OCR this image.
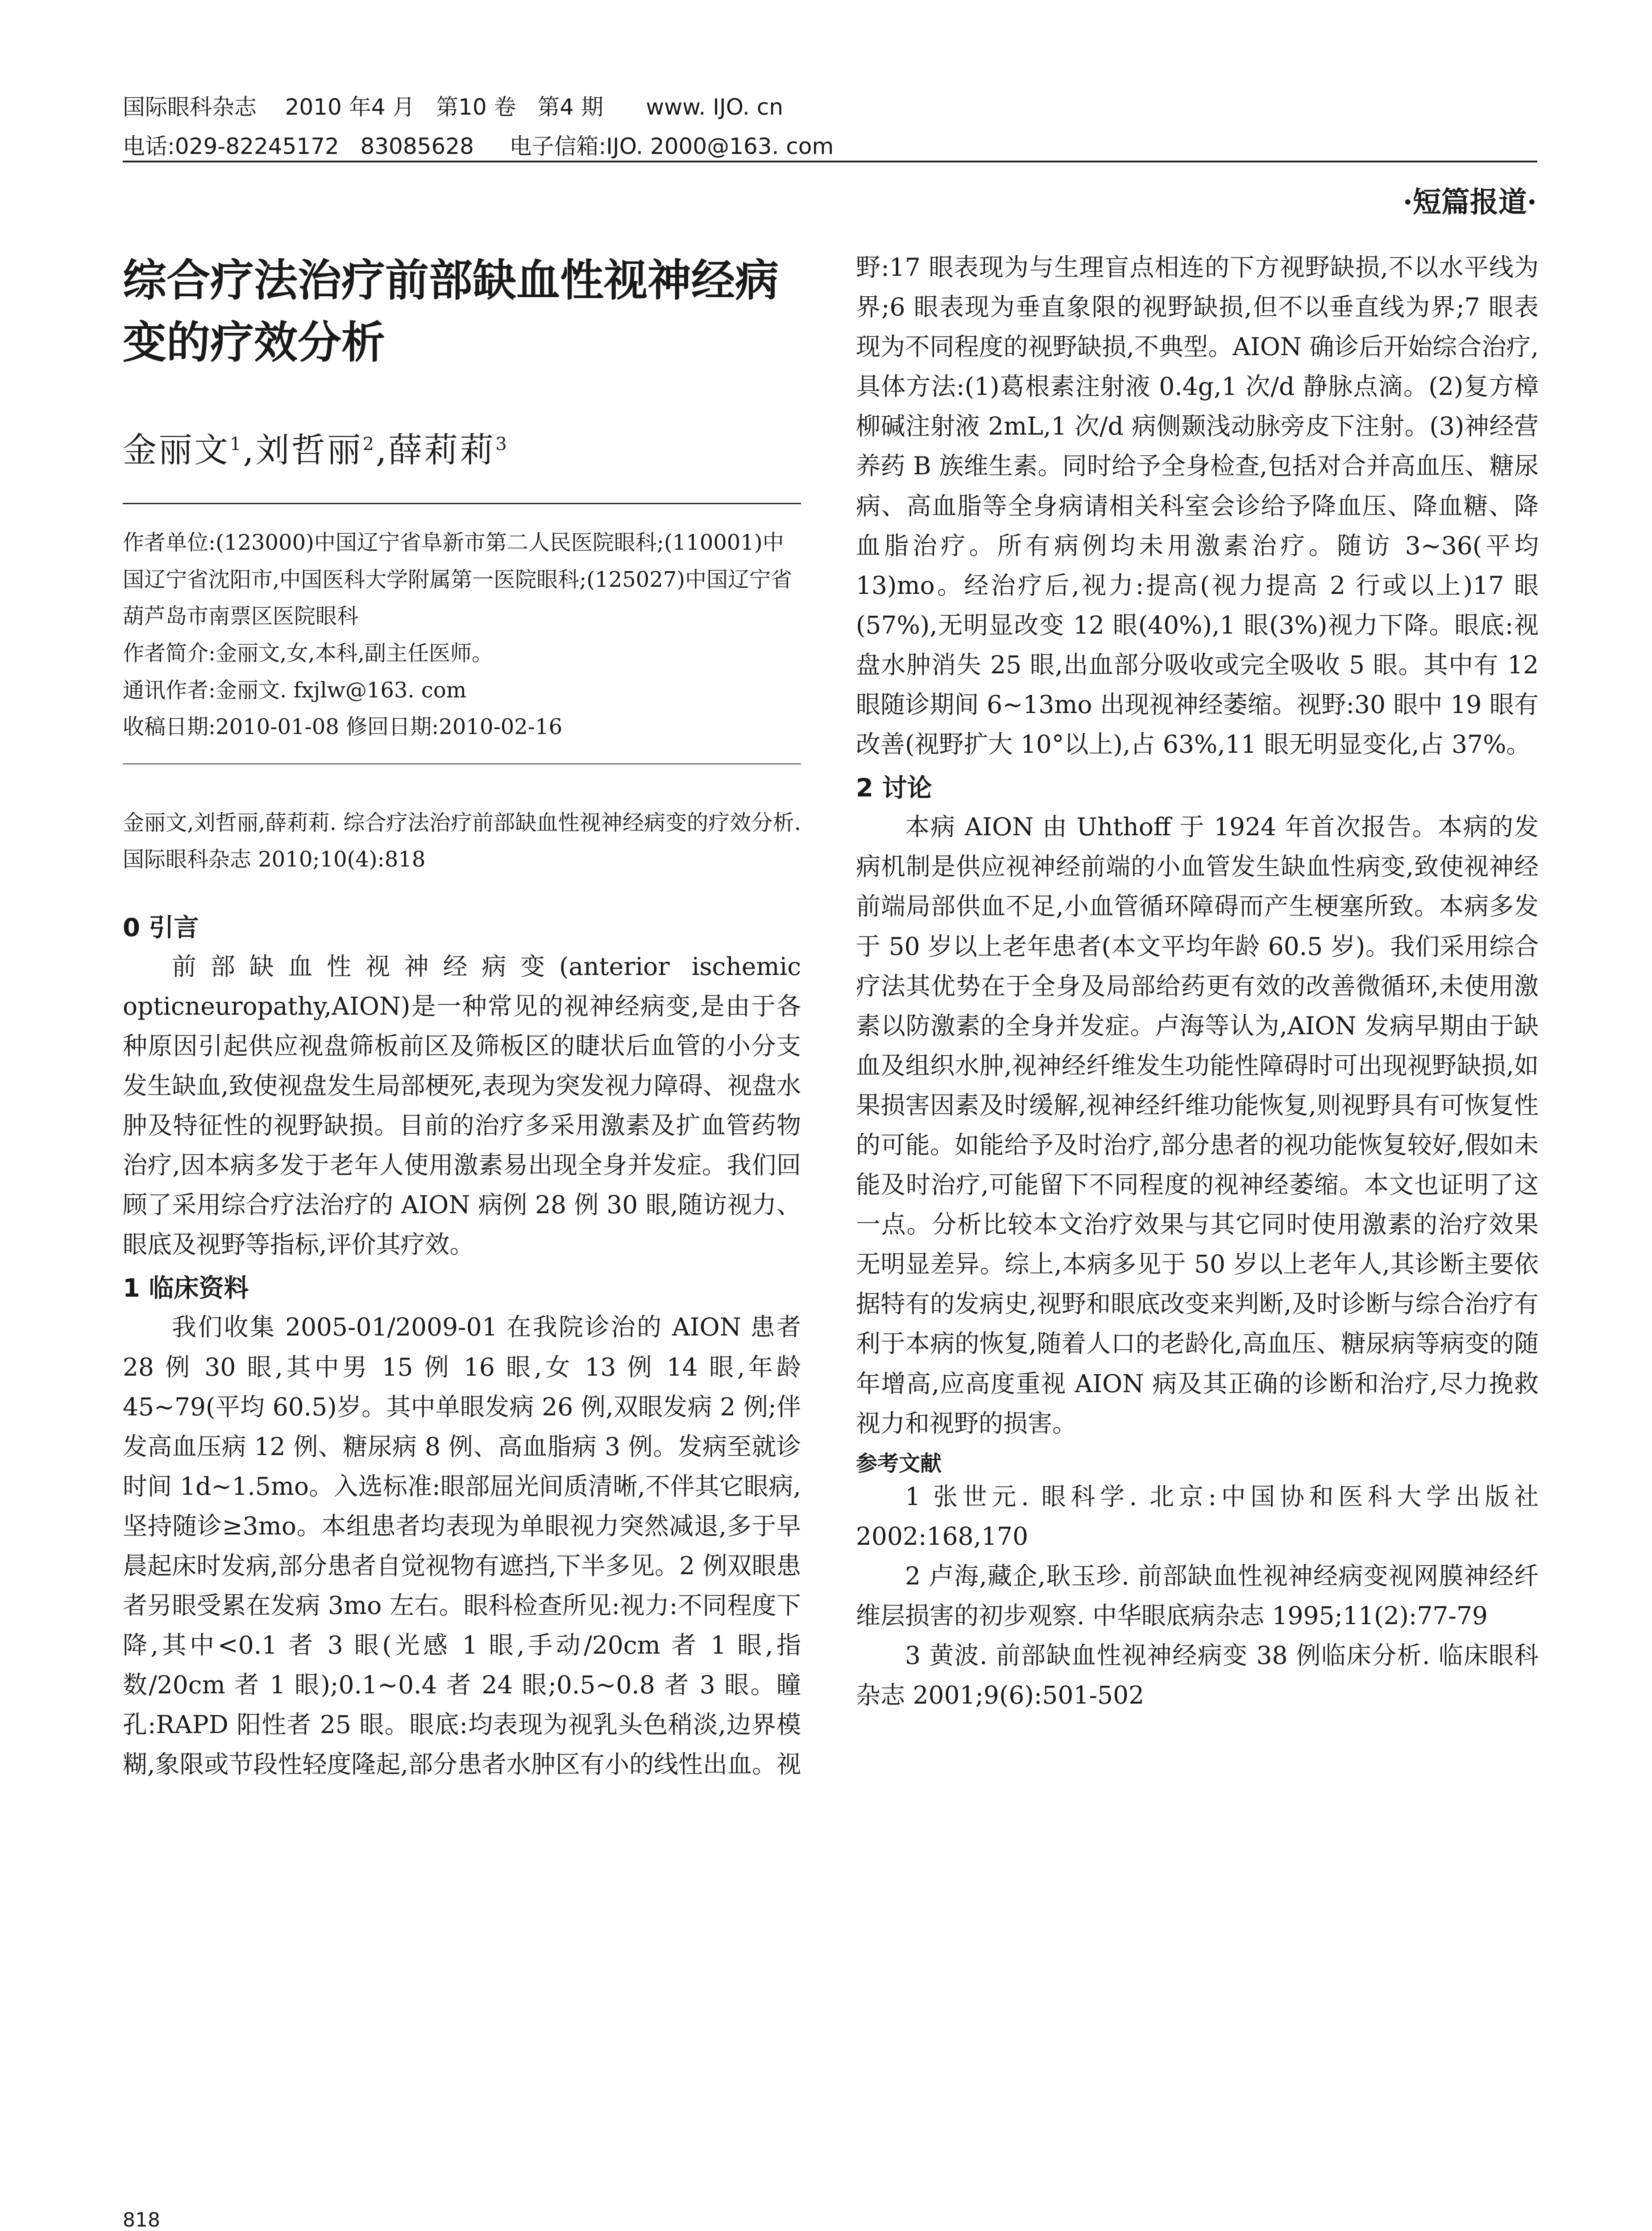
国际眼科杂志    2010 年4 月   第10 卷   第4 期      www. IJO. cn
电话:029-82245172   83085628     电子信箱:IJO. 2000@163. com
·短篇报道·
综合疗法治疗前部缺血性视神经病变的疗效分析
金丽文$^1$,刘哲丽$^2$,薛莉莉$^3$

作者单位:(123000)中国辽宁省阜新市第二人民医院眼科;(110001)中国辽宁省沈阳市,中国医科大学附属第一医院眼科;(125027)中国辽宁省葫芦岛市南票区医院眼科

作者简介:金丽文,女,本科,副主任医师。

通讯作者:金丽文. fxjlw@163. com

收稿日期:2010-01-08 修回日期:2010-02-16

金丽文,刘哲丽,薛莉莉. 综合疗法治疗前部缺血性视神经病变的疗效分析. 国际眼科杂志 2010;10(4):818
0 引言

前部缺血性视神经病变(anterior ischemic opticneuropathy,AION)是一种常见的视神经病变,是由于各种原因引起供应视盘筛板前区及筛板区的睫状后血管的小分支发生缺血,致使视盘发生局部梗死,表现为突发视力障碍、视盘水肿及特征性的视野缺损。目前的治疗多采用激素及扩血管药物治疗,因本病多发于老年人使用激素易出现全身并发症。我们回顾了采用综合疗法治疗的 AION 病例 28 例 30 眼,随访视力、眼底及视野等指标,评价其疗效。

1 临床资料

我们收集 2005-01/2009-01 在我院诊治的 AION 患者 28 例 30 眼,其中男 15 例 16 眼,女 13 例 14 眼,年龄 45~79(平均 60.5)岁。其中单眼发病 26 例,双眼发病 2 例;伴发高血压病 12 例、糖尿病 8 例、高血脂病 3 例。发病至就诊时间 1d~1.5mo。入选标准:眼部屈光间质清晰,不伴其它眼病,坚持随诊≥3mo。本组患者均表现为单眼视力突然减退,多于早晨起床时发病,部分患者自觉视物有遮挡,下半多见。2 例双眼患者另眼受累在发病 3mo 左右。眼科检查所见:视力:不同程度下降,其中<0.1 者 3 眼(光感 1 眼,手动/20cm 者 1 眼,指数/20cm 者 1 眼);0.1~0.4 者 24 眼;0.5~0.8 者 3 眼。瞳孔:RAPD 阳性者 25 眼。眼底:均表现为视乳头色稍淡,边界模糊,象限或节段性轻度隆起,部分患者水肿区有小的线性出血。视

野:17 眼表现为与生理盲点相连的下方视野缺损,不以水平线为界;6 眼表现为垂直象限的视野缺损,但不以垂直线为界;7 眼表现为不同程度的视野缺损,不典型。AION 确诊后开始综合治疗,具体方法:(1)葛根素注射液 0.4g,1 次/d 静脉点滴。(2)复方樟柳碱注射液 2mL,1 次/d 病侧颞浅动脉旁皮下注射。(3)神经营养药 B 族维生素。同时给予全身检查,包括对合并高血压、糖尿病、高血脂等全身病请相关科室会诊给予降血压、降血糖、降血脂治疗。所有病例均未用激素治疗。随访 3~36(平均 13)mo。经治疗后,视力:提高(视力提高 2 行或以上)17 眼(57%),无明显改变 12 眼(40%),1 眼(3%)视力下降。眼底:视盘水肿消失 25 眼,出血部分吸收或完全吸收 5 眼。其中有 12 眼随诊期间 6~13mo 出现视神经萎缩。视野:30 眼中 19 眼有改善(视野扩大 10°以上),占 63%,11 眼无明显变化,占 37%。

2 讨论

本病 AION 由 Uhthoff 于 1924 年首次报告。本病的发病机制是供应视神经前端的小血管发生缺血性病变,致使视神经前端局部供血不足,小血管循环障碍而产生梗塞所致。本病多发于 50 岁以上老年患者(本文平均年龄 60.5 岁)。我们采用综合疗法其优势在于全身及局部给药更有效的改善微循环,未使用激素以防激素的全身并发症。卢海等认为,AION 发病早期由于缺血及组织水肿,视神经纤维发生功能性障碍时可出现视野缺损,如果损害因素及时缓解,视神经纤维功能恢复,则视野具有可恢复性的可能。如能给予及时治疗,部分患者的视功能恢复较好,假如未能及时治疗,可能留下不同程度的视神经萎缩。本文也证明了这一点。分析比较本文治疗效果与其它同时使用激素的治疗效果无明显差异。综上,本病多见于 50 岁以上老年人,其诊断主要依据特有的发病史,视野和眼底改变来判断,及时诊断与综合治疗有利于本病的恢复,随着人口的老龄化,高血压、糖尿病等病变的随年增高,应高度重视 AION 病及其正确的诊断和治疗,尽力挽救视力和视野的损害。

参考文献

1 张世元. 眼科学. 北京:中国协和医科大学出版社 2002:168,170

2 卢海,藏企,耿玉珍. 前部缺血性视神经病变视网膜神经纤维层损害的初步观察. 中华眼底病杂志 1995;11(2):77-79

3 黄波. 前部缺血性视神经病变 38 例临床分析. 临床眼科杂志 2001;9(6):501-502

818
